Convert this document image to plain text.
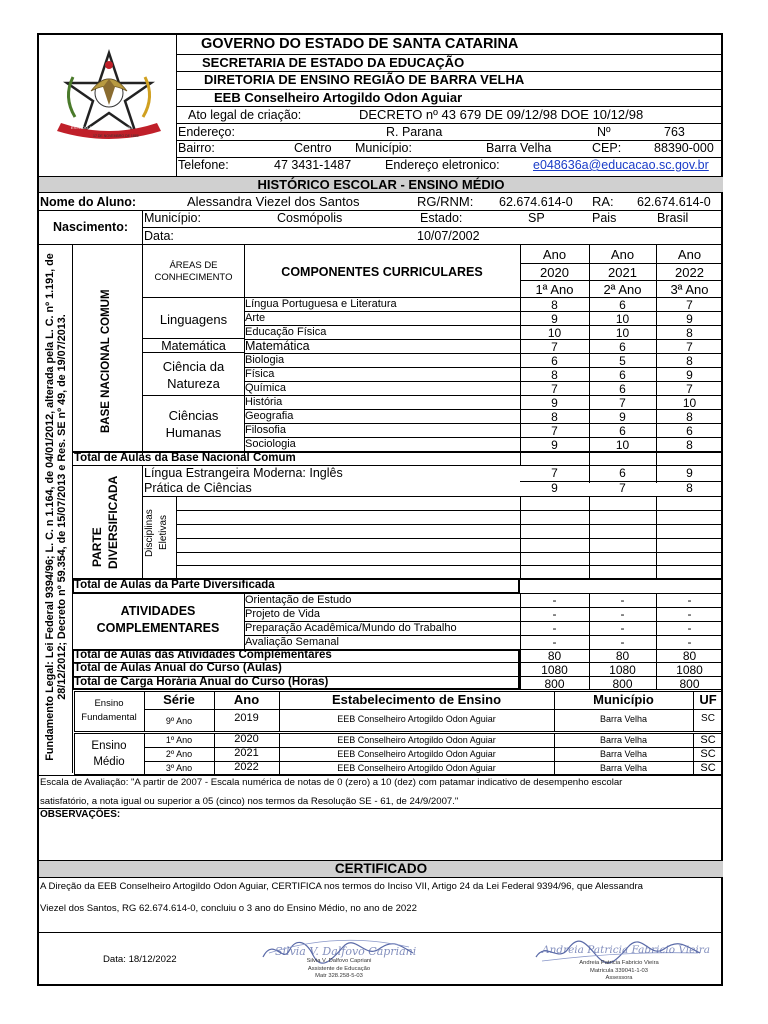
ESTADO DE SANTA CATARINA
17 DE NOVEMBRO DE 1889
GOVERNO DO ESTADO DE SANTA CATARINA
SECRETARIA DE ESTADO DA EDUCAÇÃO
DIRETORIA DE ENSINO REGIÃO DE BARRA VELHA
EEB Conselheiro Artogildo Odon Aguiar
Ato legal de criação:	DECRETO nº 43 679 DE 09/12/98 DOE 10/12/98
Endereço:	R. Parana	Nº	763
Bairro:	Centro Município:	Barra Velha	CEP:	88390-000
Telefone:	47 3431-1487	Endereço eletronico:	e048636a@educacao.sc.gov.br
HISTÓRICO ESCOLAR - ENSINO MÉDIO
Nome do Aluno:	Alessandra Viezel dos Santos	RG/RNM: 62.674.614-0 RA: 62.674.614-0
Nascimento:
Município:	Cosmópolis	Estado:	SP	Pais	Brasil
Data:	10/07/2002
Fundamento Legal: Lei Federal 9394/96; L. C. n 1.164, de 04/01/2012, alterada pela L. C. nº 1.191, de 28/12/2012; Decreto nº 59.354, de 15/07/2013 e Res. SE nº 49, de 19/07/2013.	BASE NACIONAL COMUM
ÁREAS DE
CONHECIMENTO	COMPONENTES CURRICULARES
Ano	Ano	Ano
2020	2021	2022
1ª Ano	2ª Ano	3ª Ano
Linguagens
Matemática
Ciência da
Natureza
Ciências
Humanas
Língua Portuguesa e Literatura	8	6	7
Arte	9	10	9
Educação Física	10	10	8
Matemática	7	6	7
Biologia	6	5	8
Física	8	6	9
Química	7	6	7
História	9	7	10
Geografia	8	9	8
Filosofia	7	6	6
Sociologia	9	10	8
Total de Aulas da Base Nacional Comum
PARTE DIVERSIFICADA
Língua Estrangeira Moderna: Inglês	7	6	9
Prática de Ciências	9	7	8
Disciplinas Eletivas
Total de Aulas da Parte Diversificada
ATIVIDADES
COMPLEMENTARES
Orientação de Estudo	-	-	-
Projeto de Vida	-	-	-
Preparação Acadêmica/Mundo do Trabalho	-	-	-
Avaliação Semanal	-	-	-
Total de Aulas das Atividades Complementares	80	80	80
Total de Aulas Anual do Curso (Aulas)	1080	1080	1080
Total de Carga Horária Anual do Curso (Horas)	800	800	800
Ensino
Fundamental
Série	Ano	Estabelecimento de Ensino	Município	UF
9º Ano	2019	EEB Conselheiro Artogildo Odon Aguiar	Barra Velha	SC
Ensino
Médio
1º Ano	2020	EEB Conselheiro Artogildo Odon Aguiar	Barra Velha	SC
2º Ano	2021	EEB Conselheiro Artogildo Odon Aguiar	Barra Velha	SC
3º Ano	2022	EEB Conselheiro Artogildo Odon Aguiar	Barra Velha	SC
Escala de Avaliação: "A partir de 2007 - Escala numérica de notas de 0 (zero) a 10 (dez) com patamar indicativo de desempenho escolar
satisfatório, a nota igual ou superior a 05 (cinco) nos termos da Resolução SE - 61, de 24/9/2007."
OBSERVAÇÕES:
CERTIFICADO
A Direção da EEB Conselheiro Artogildo Odon Aguiar, CERTIFICA nos termos do Inciso VII, Artigo 24 da Lei Federal 9394/96, que Alessandra
Viezel dos Santos, RG 62.674.614-0, concluiu o 3 ano do Ensino Médio, no ano de 2022
Data: 18/12/2022
Silvia V. Dalfovo Capriani
Silvia V. Dalfovo Capriani
Assistente de Educação
Matr 328.258-5-03
Andreia Patricia Fabricio Vieira
Andreia Patricia Fabricio Vieira
Matricula 339041-1-03
Assessora
